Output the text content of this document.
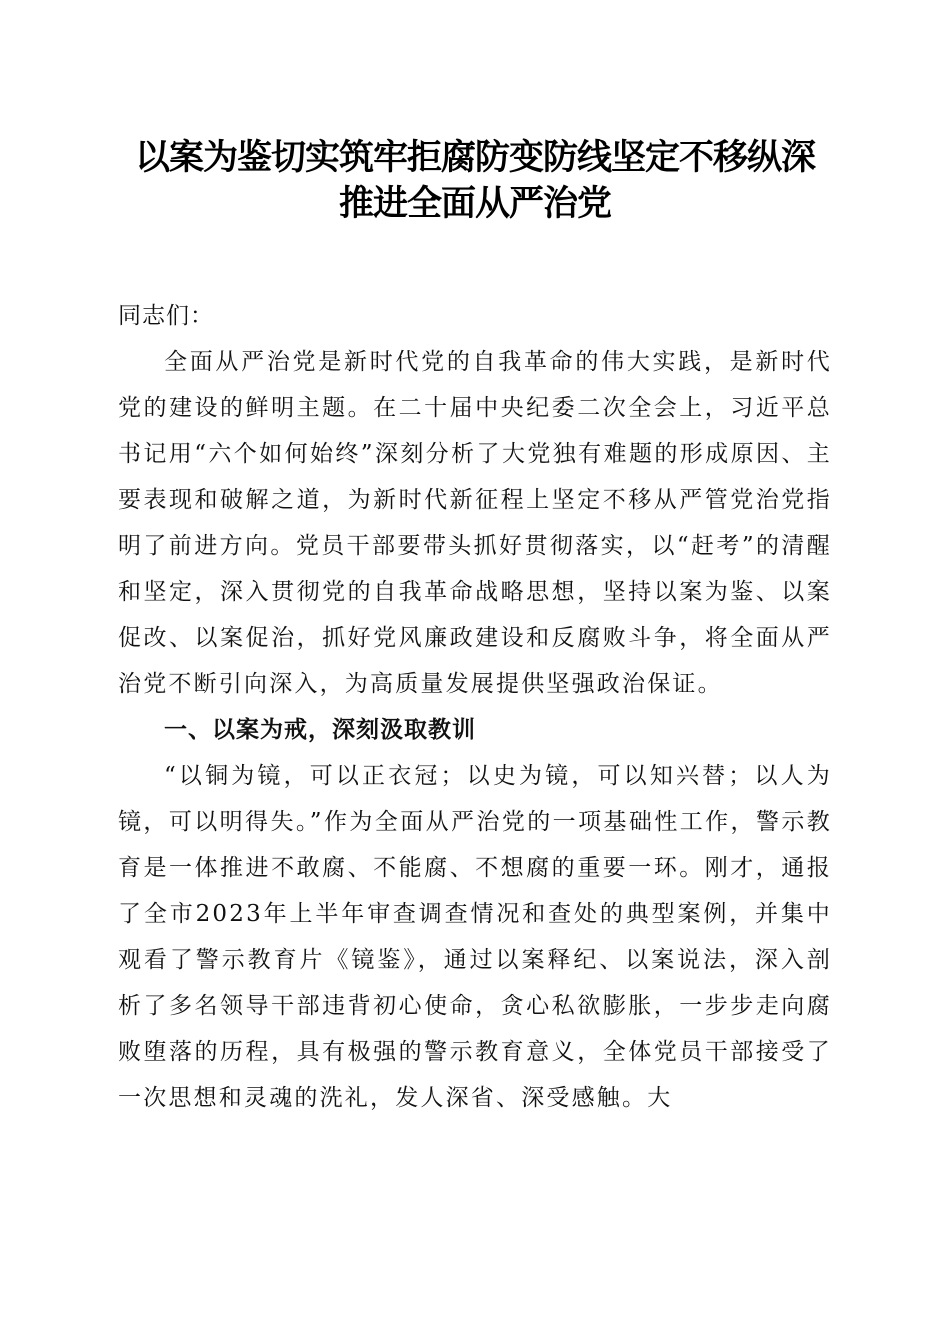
以案为鉴切实筑牢拒腐防变防线坚定不移纵深
推进全面从严治党

同志们：

全面从严治党是新时代党的自我革命的伟大实践，是新时代党的建设的鲜明主题。在二十届中央纪委二次全会上，习近平总书记用“六个如何始终”深刻分析了大党独有难题的形成原因、主要表现和破解之道，为新时代新征程上坚定不移从严管党治党指明了前进方向。党员干部要带头抓好贯彻落实，以“赶考”的清醒和坚定，深入贯彻党的自我革命战略思想，坚持以案为鉴、以案促改、以案促治，抓好党风廉政建设和反腐败斗争，将全面从严治党不断引向深入，为高质量发展提供坚强政治保证。

一、以案为戒，深刻汲取教训

“以铜为镜，可以正衣冠；以史为镜，可以知兴替；以人为镜，可以明得失。”作为全面从严治党的一项基础性工作，警示教育是一体推进不敢腐、不能腐、不想腐的重要一环。刚才，通报了全市2023年上半年审查调查情况和查处的典型案例，并集中观看了警示教育片《镜鉴》，通过以案释纪、以案说法，深入剖析了多名领导干部违背初心使命，贪心私欲膨胀，一步步走向腐败堕落的历程，具有极强的警示教育意义，全体党员干部接受了一次思想和灵魂的洗礼，发人深省、深受感触。大
